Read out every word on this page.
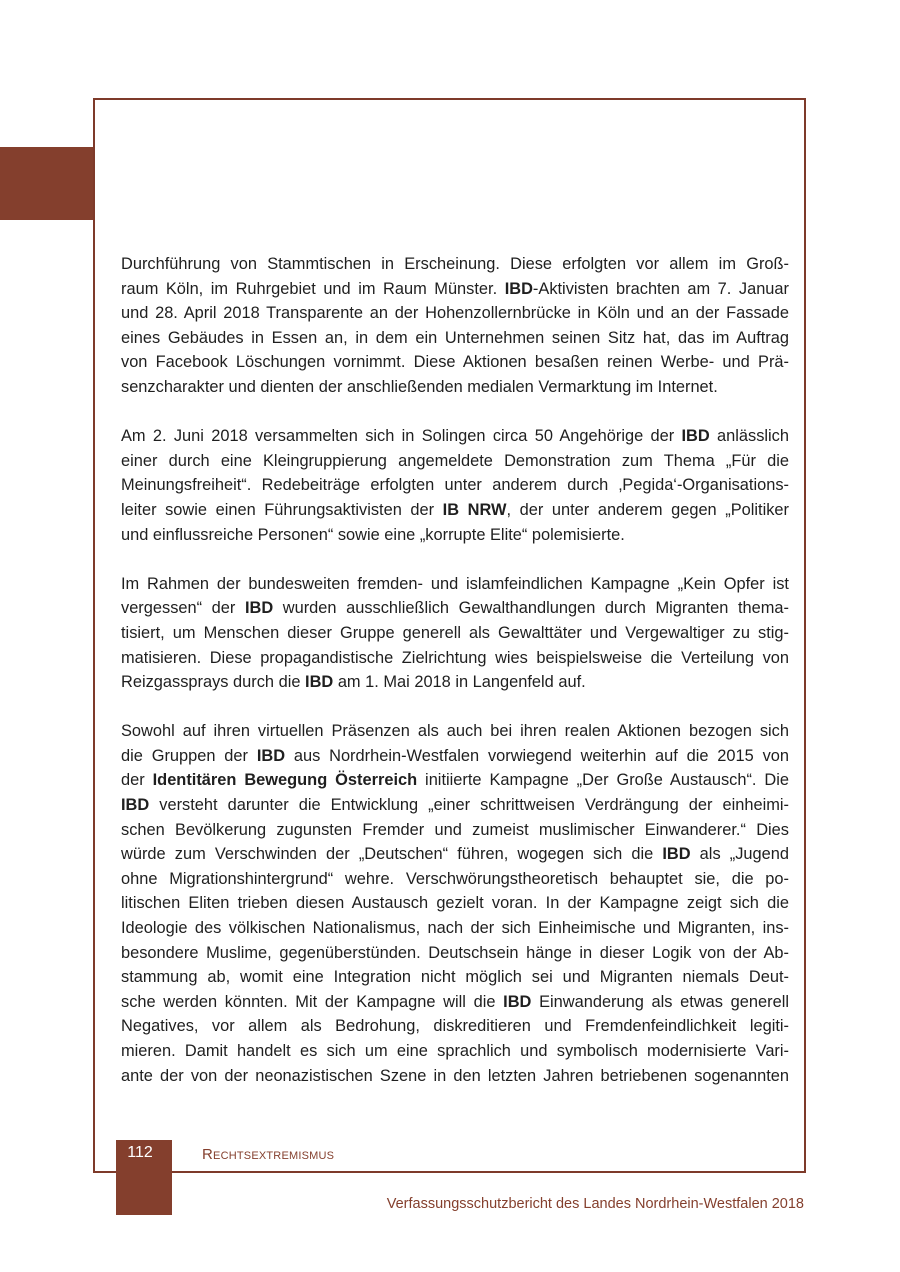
Durchführung von Stammtischen in Erscheinung. Diese erfolgten vor allem im Groß-
raum Köln, im Ruhrgebiet und im Raum Münster. IBD-Aktivisten brachten am 7. Januar
und 28. April 2018 Transparente an der Hohenzollernbrücke in Köln und an der Fassade
eines Gebäudes in Essen an, in dem ein Unternehmen seinen Sitz hat, das im Auftrag
von Facebook Löschungen vornimmt. Diese Aktionen besaßen reinen Werbe- und Prä-
senzcharakter und dienten der anschließenden medialen Vermarktung im Internet.

Am 2. Juni 2018 versammelten sich in Solingen circa 50 Angehörige der IBD anlässlich
einer durch eine Kleingruppierung angemeldete Demonstration zum Thema „Für die
Meinungsfreiheit“. Redebeiträge erfolgten unter anderem durch ‚Pegida‘-Organisations-
leiter sowie einen Führungsaktivisten der IB NRW, der unter anderem gegen „Politiker
und einflussreiche Personen“ sowie eine „korrupte Elite“ polemisierte.

Im Rahmen der bundesweiten fremden- und islamfeindlichen Kampagne „Kein Opfer ist
vergessen“ der IBD wurden ausschließlich Gewalthandlungen durch Migranten thema-
tisiert, um Menschen dieser Gruppe generell als Gewalttäter und Vergewaltiger zu stig-
matisieren. Diese propagandistische Zielrichtung wies beispielsweise die Verteilung von
Reizgassprays durch die IBD am 1. Mai 2018 in Langenfeld auf.

Sowohl auf ihren virtuellen Präsenzen als auch bei ihren realen Aktionen bezogen sich
die Gruppen der IBD aus Nordrhein-Westfalen vorwiegend weiterhin auf die 2015 von
der Identitären Bewegung Österreich initiierte Kampagne „Der Große Austausch“. Die
IBD versteht darunter die Entwicklung „einer schrittweisen Verdrängung der einheimi-
schen Bevölkerung zugunsten Fremder und zumeist muslimischer Einwanderer.“ Dies
würde zum Verschwinden der „Deutschen“ führen, wogegen sich die IBD als „Jugend
ohne Migrationshintergrund“ wehre. Verschwörungstheoretisch behauptet sie, die po-
litischen Eliten trieben diesen Austausch gezielt voran. In der Kampagne zeigt sich die
Ideologie des völkischen Nationalismus, nach der sich Einheimische und Migranten, ins-
besondere Muslime, gegenüberstünden. Deutschsein hänge in dieser Logik von der Ab-
stammung ab, womit eine Integration nicht möglich sei und Migranten niemals Deut-
sche werden könnten. Mit der Kampagne will die IBD Einwanderung als etwas generell
Negatives, vor allem als Bedrohung, diskreditieren und Fremdenfeindlichkeit legiti-
mieren. Damit handelt es sich um eine sprachlich und symbolisch modernisierte Vari-
ante der von der neonazistischen Szene in den letzten Jahren betriebenen sogenannten

112	Rechtsextremismus
Verfassungsschutzbericht des Landes Nordrhein-Westfalen 2018
